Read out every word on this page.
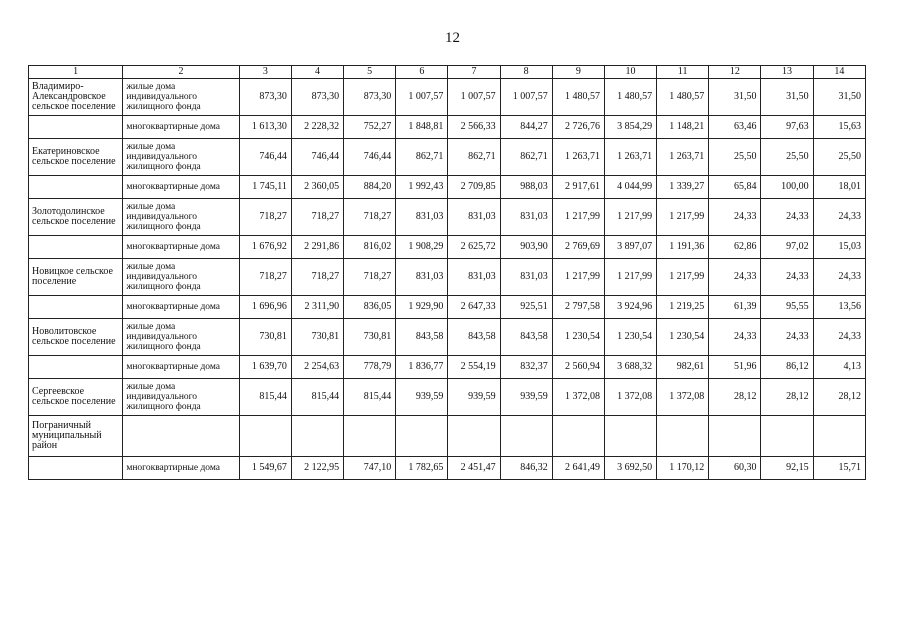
12
1	2	3	4	5	6	7	8	9	10	11	12	13	14
Владимиро-Александровское сельское поселение	жилые дома индивидуального жилищного фонда	873,30	873,30	873,30	1 007,57	1 007,57	1 007,57	1 480,57	1 480,57	1 480,57	31,50	31,50	31,50
	многоквартирные дома	1 613,30	2 228,32	752,27	1 848,81	2 566,33	844,27	2 726,76	3 854,29	1 148,21	63,46	97,63	15,63
Екатериновское сельское поселение	жилые дома индивидуального жилищного фонда	746,44	746,44	746,44	862,71	862,71	862,71	1 263,71	1 263,71	1 263,71	25,50	25,50	25,50
	многоквартирные дома	1 745,11	2 360,05	884,20	1 992,43	2 709,85	988,03	2 917,61	4 044,99	1 339,27	65,84	100,00	18,01
Золотодолинское сельское поселение	жилые дома индивидуального жилищного фонда	718,27	718,27	718,27	831,03	831,03	831,03	1 217,99	1 217,99	1 217,99	24,33	24,33	24,33
	многоквартирные дома	1 676,92	2 291,86	816,02	1 908,29	2 625,72	903,90	2 769,69	3 897,07	1 191,36	62,86	97,02	15,03
Новицкое сельское поселение	жилые дома индивидуального жилищного фонда	718,27	718,27	718,27	831,03	831,03	831,03	1 217,99	1 217,99	1 217,99	24,33	24,33	24,33
	многоквартирные дома	1 696,96	2 311,90	836,05	1 929,90	2 647,33	925,51	2 797,58	3 924,96	1 219,25	61,39	95,55	13,56
Новолитовское сельское поселение	жилые дома индивидуального жилищного фонда	730,81	730,81	730,81	843,58	843,58	843,58	1 230,54	1 230,54	1 230,54	24,33	24,33	24,33
	многоквартирные дома	1 639,70	2 254,63	778,79	1 836,77	2 554,19	832,37	2 560,94	3 688,32	982,61	51,96	86,12	4,13
Сергеевское сельское поселение	жилые дома индивидуального жилищного фонда	815,44	815,44	815,44	939,59	939,59	939,59	1 372,08	1 372,08	1 372,08	28,12	28,12	28,12
Пограничный муниципальный район													
	многоквартирные дома	1 549,67	2 122,95	747,10	1 782,65	2 451,47	846,32	2 641,49	3 692,50	1 170,12	60,30	92,15	15,71
